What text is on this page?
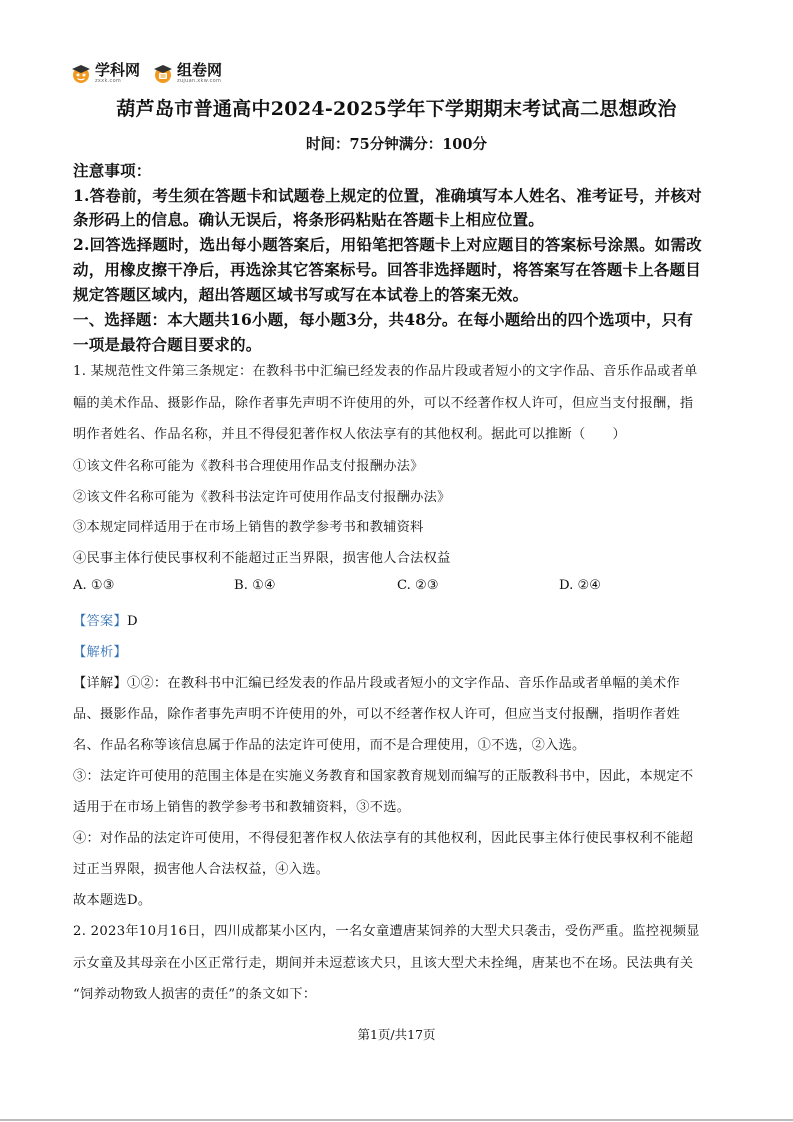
学科网
zxxk.com
组卷网
zujuan.xkw.com
葫芦岛市普通高中2024-2025学年下学期期末考试高二思想政治
时间：75分钟满分：100分
注意事项：
1.答卷前，考生须在答题卡和试题卷上规定的位置，准确填写本人姓名、准考证号，并核对
条形码上的信息。确认无误后，将条形码粘贴在答题卡上相应位置。
2.回答选择题时，选出每小题答案后，用铅笔把答题卡上对应题目的答案标号涂黑。如需改
动，用橡皮擦干净后，再选涂其它答案标号。回答非选择题时，将答案写在答题卡上各题目
规定答题区域内，超出答题区域书写或写在本试卷上的答案无效。
一、选择题：本大题共16小题，每小题3分，共48分。在每小题给出的四个选项中，只有
一项是最符合题目要求的。
1. 某规范性文件第三条规定：在教科书中汇编已经发表的作品片段或者短小的文字作品、音乐作品或者单
幅的美术作品、摄影作品，除作者事先声明不许使用的外，可以不经著作权人许可，但应当支付报酬，指
明作者姓名、作品名称，并且不得侵犯著作权人依法享有的其他权利。据此可以推断（　　）
①该文件名称可能为《教科书合理使用作品支付报酬办法》
②该文件名称可能为《教科书法定许可使用作品支付报酬办法》
③本规定同样适用于在市场上销售的教学参考书和教辅资料
④民事主体行使民事权利不能超过正当界限，损害他人合法权益
A. ①③	B. ①④	C. ②③	D. ②④
【答案】D
【解析】
【详解】①②：在教科书中汇编已经发表的作品片段或者短小的文字作品、音乐作品或者单幅的美术作
品、摄影作品，除作者事先声明不许使用的外，可以不经著作权人许可，但应当支付报酬，指明作者姓
名、作品名称等该信息属于作品的法定许可使用，而不是合理使用，①不选，②入选。
③：法定许可使用的范围主体是在实施义务教育和国家教育规划而编写的正版教科书中，因此，本规定不
适用于在市场上销售的教学参考书和教辅资料，③不选。
④：对作品的法定许可使用，不得侵犯著作权人依法享有的其他权利，因此民事主体行使民事权利不能超
过正当界限，损害他人合法权益，④入选。
故本题选D。
2. 2023年10月16日，四川成都某小区内，一名女童遭唐某饲养的大型犬只袭击，受伤严重。监控视频显
示女童及其母亲在小区正常行走，期间并未逗惹该犬只，且该大型犬未拴绳，唐某也不在场。民法典有关
“饲养动物致人损害的责任”的条文如下：
第1页/共17页
